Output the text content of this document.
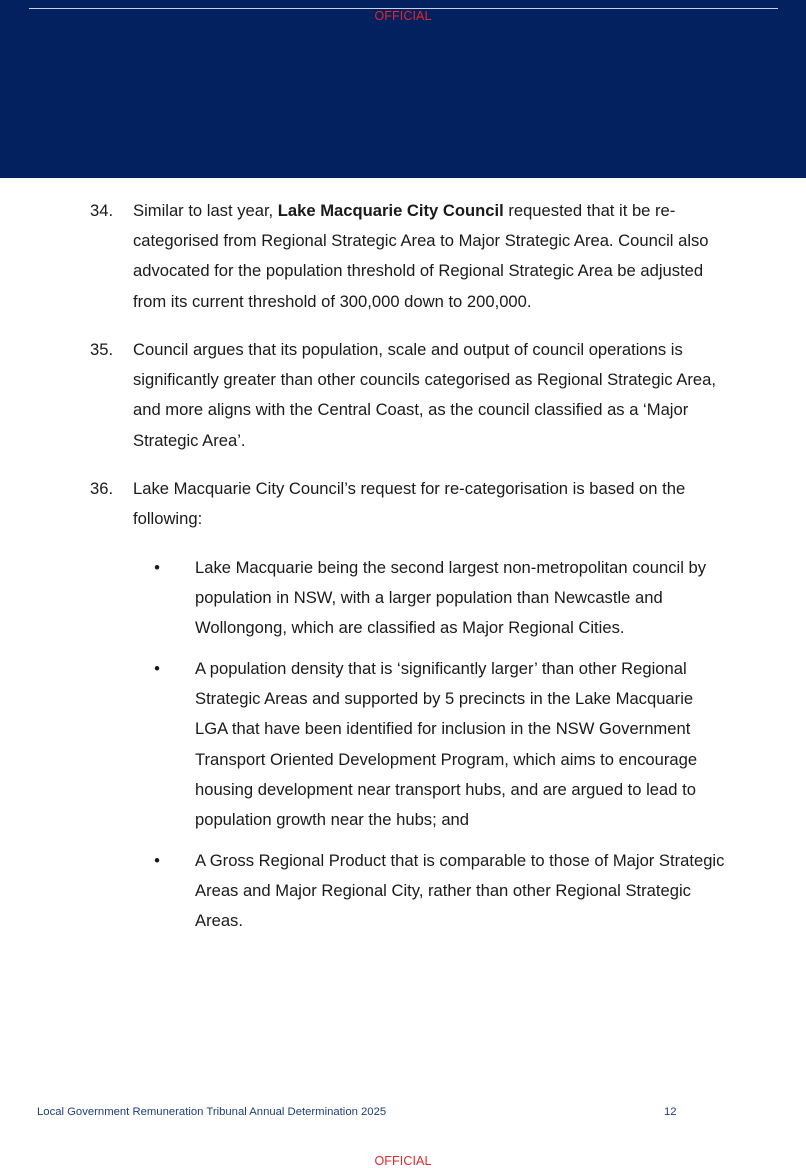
OFFICIAL
34. Similar to last year, Lake Macquarie City Council requested that it be re-categorised from Regional Strategic Area to Major Strategic Area. Council also advocated for the population threshold of Regional Strategic Area be adjusted from its current threshold of 300,000 down to 200,000.
35. Council argues that its population, scale and output of council operations is significantly greater than other councils categorised as Regional Strategic Area, and more aligns with the Central Coast, as the council classified as a ‘Major Strategic Area’.
36. Lake Macquarie City Council’s request for re-categorisation is based on the following:
• Lake Macquarie being the second largest non-metropolitan council by population in NSW, with a larger population than Newcastle and Wollongong, which are classified as Major Regional Cities.
• A population density that is ‘significantly larger’ than other Regional Strategic Areas and supported by 5 precincts in the Lake Macquarie LGA that have been identified for inclusion in the NSW Government Transport Oriented Development Program, which aims to encourage housing development near transport hubs, and are argued to lead to population growth near the hubs; and
• A Gross Regional Product that is comparable to those of Major Strategic Areas and Major Regional City, rather than other Regional Strategic Areas.
Local Government Remuneration Tribunal Annual Determination 2025	12
OFFICIAL
